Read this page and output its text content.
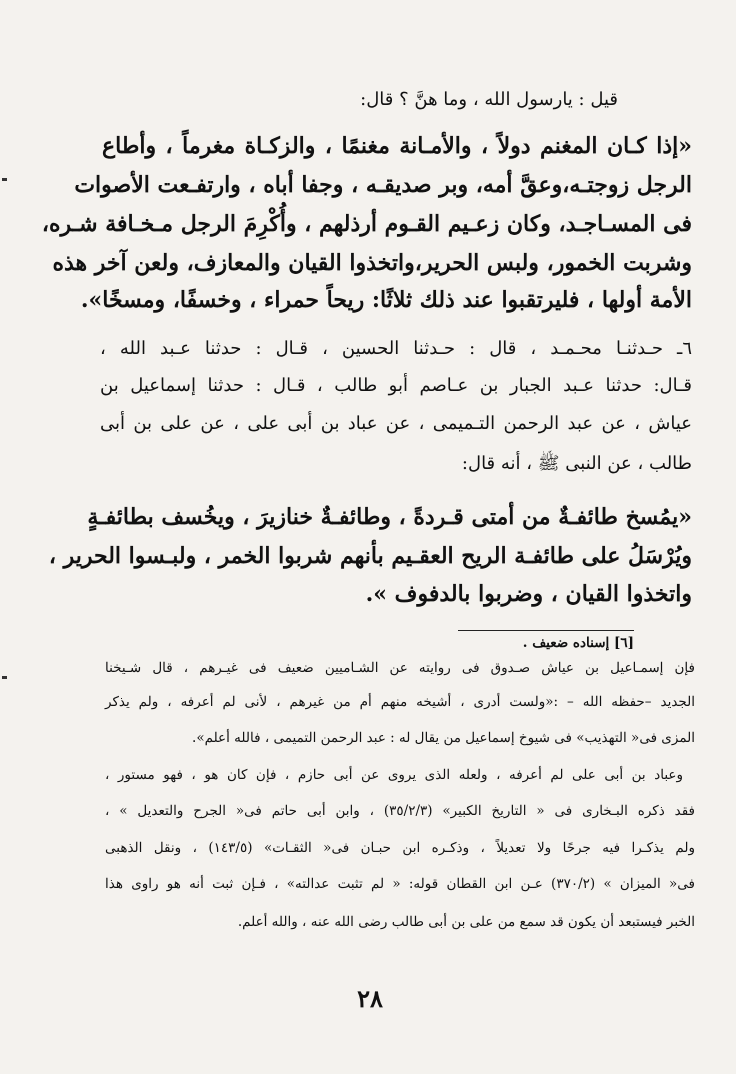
قيل : يارسول الله ، وما هنَّ ؟ قال:
«إذا كـان المغنم دولاً ، والأمـانة مغنمًا ، والزكـاة مغرماً ، وأطاع
الرجل زوجتـه،وعقَّ أمه، وبر صديقـه ، وجفا أباه ، وارتفـعت الأصوات
فى المسـاجـد، وكان زعـيم القـوم أرذلهم ، وأُكْرِمَ الرجل مـخـافة شـره،
وشربت الخمور، ولبس الحرير،واتخذوا القيان والمعازف، ولعن آخر هذه
الأمة أولها ، فليرتقبوا عند ذلك ثلاثًا: ريحاً حمراء ، وخسفًا، ومسخًا».
٦ـ حـدثنـا محـمـد ، قال : حـدثنا الحسين ، قـال : حدثنا عـبد الله ،
قـال: حدثنا عـبد الجبار بن عـاصم أبو طالب ، قـال : حدثنا إسماعيل بن
عياش ، عن عبد الرحمن التـميمى ، عن عباد بن أبى على ، عن على بن أبى
طالب ، عن النبى ﷺ ، أنه قال:
«يمُسخ طائفـةٌ من أمتى قـردةً ، وطائفـةٌ خنازيرَ ، ويخُسف بطائفـةٍ
ويُرْسَلُ على طائفـة الريح العقـيم بأنهم شربوا الخمر ، ولبـسوا الحرير ،
واتخذوا القيان ، وضربوا بالدفوف ».
[٦] إسناده ضعيف .
فإن إسمـاعيل بن عياش صـدوق فى روايته عن الشـاميين ضعيف فى غيـرهم ، قال شـيخنا
الجديد –حفظه الله – :«ولست أدرى ، أشيخه منهم أم من غيرهم ، لأنى لم أعرفه ، ولم يذكر
المزى فى« التهذيب» فى شيوخ إسماعيل من يقال له : عبد الرحمن التميمى ، فالله أعلم».
وعباد بن أبى على لم أعرفه ، ولعله الذى يروى عن أبى حازم ، فإن كان هو ، فهو مستور ،
فقد ذكره البـخارى فى « التاريخ الكبير» (٣٥/٢/٣) ، وابن أبى حاتم فى« الجرح والتعديل » ،
ولم يذكـرا فيه جرحًا ولا تعديلاً ، وذكـره ابن حبـان فى« الثقـات» (١٤٣/٥) ، ونقل الذهبى
فى« الميزان » (٣٧٠/٢) عـن ابن القطان قوله: « لم تثبت عدالته» ، فـإن ثبت أنه هو راوى هذا
الخبر فيستبعد أن يكون قد سمع من على بن أبى طالب رضى الله عنه ، والله أعلم.
٢٨
